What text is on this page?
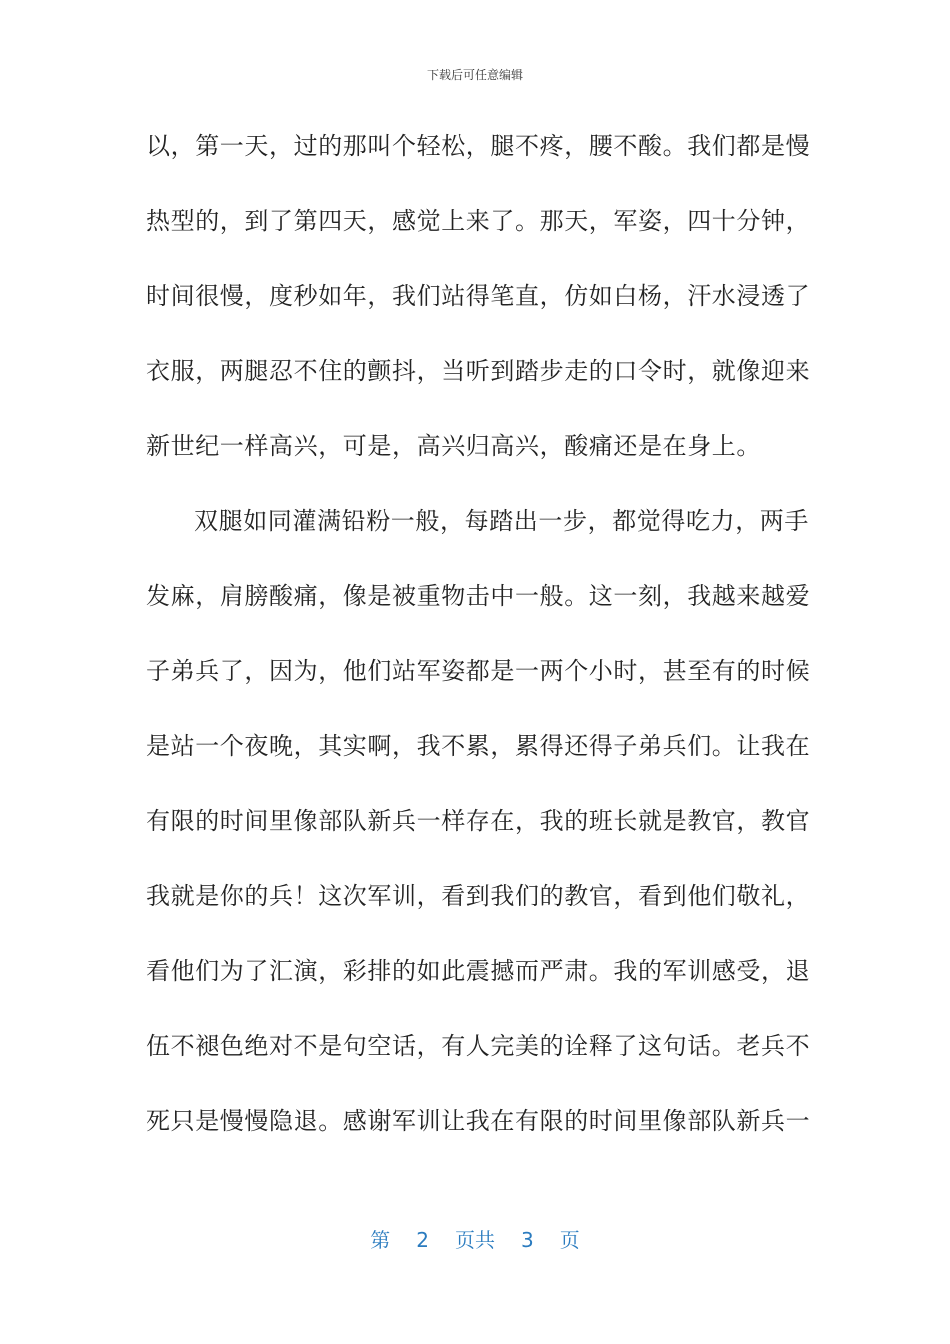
下载后可任意编辑
以，第一天，过的那叫个轻松，腿不疼，腰不酸。我们都是慢
热型的，到了第四天，感觉上来了。那天，军姿，四十分钟，
时间很慢，度秒如年，我们站得笔直，仿如白杨，汗水浸透了
衣服，两腿忍不住的颤抖，当听到踏步走的口令时，就像迎来
新世纪一样高兴，可是，高兴归高兴，酸痛还是在身上。
双腿如同灌满铅粉一般，每踏出一步，都觉得吃力，两手
发麻，肩膀酸痛，像是被重物击中一般。这一刻，我越来越爱
子弟兵了，因为，他们站军姿都是一两个小时，甚至有的时候
是站一个夜晚，其实啊，我不累，累得还得子弟兵们。让我在
有限的时间里像部队新兵一样存在，我的班长就是教官，教官
我就是你的兵！这次军训，看到我们的教官，看到他们敬礼，
看他们为了汇演，彩排的如此震撼而严肃。我的军训感受，退
伍不褪色绝对不是句空话，有人完美的诠释了这句话。老兵不
死只是慢慢隐退。感谢军训让我在有限的时间里像部队新兵一
第 2 页共 3 页
